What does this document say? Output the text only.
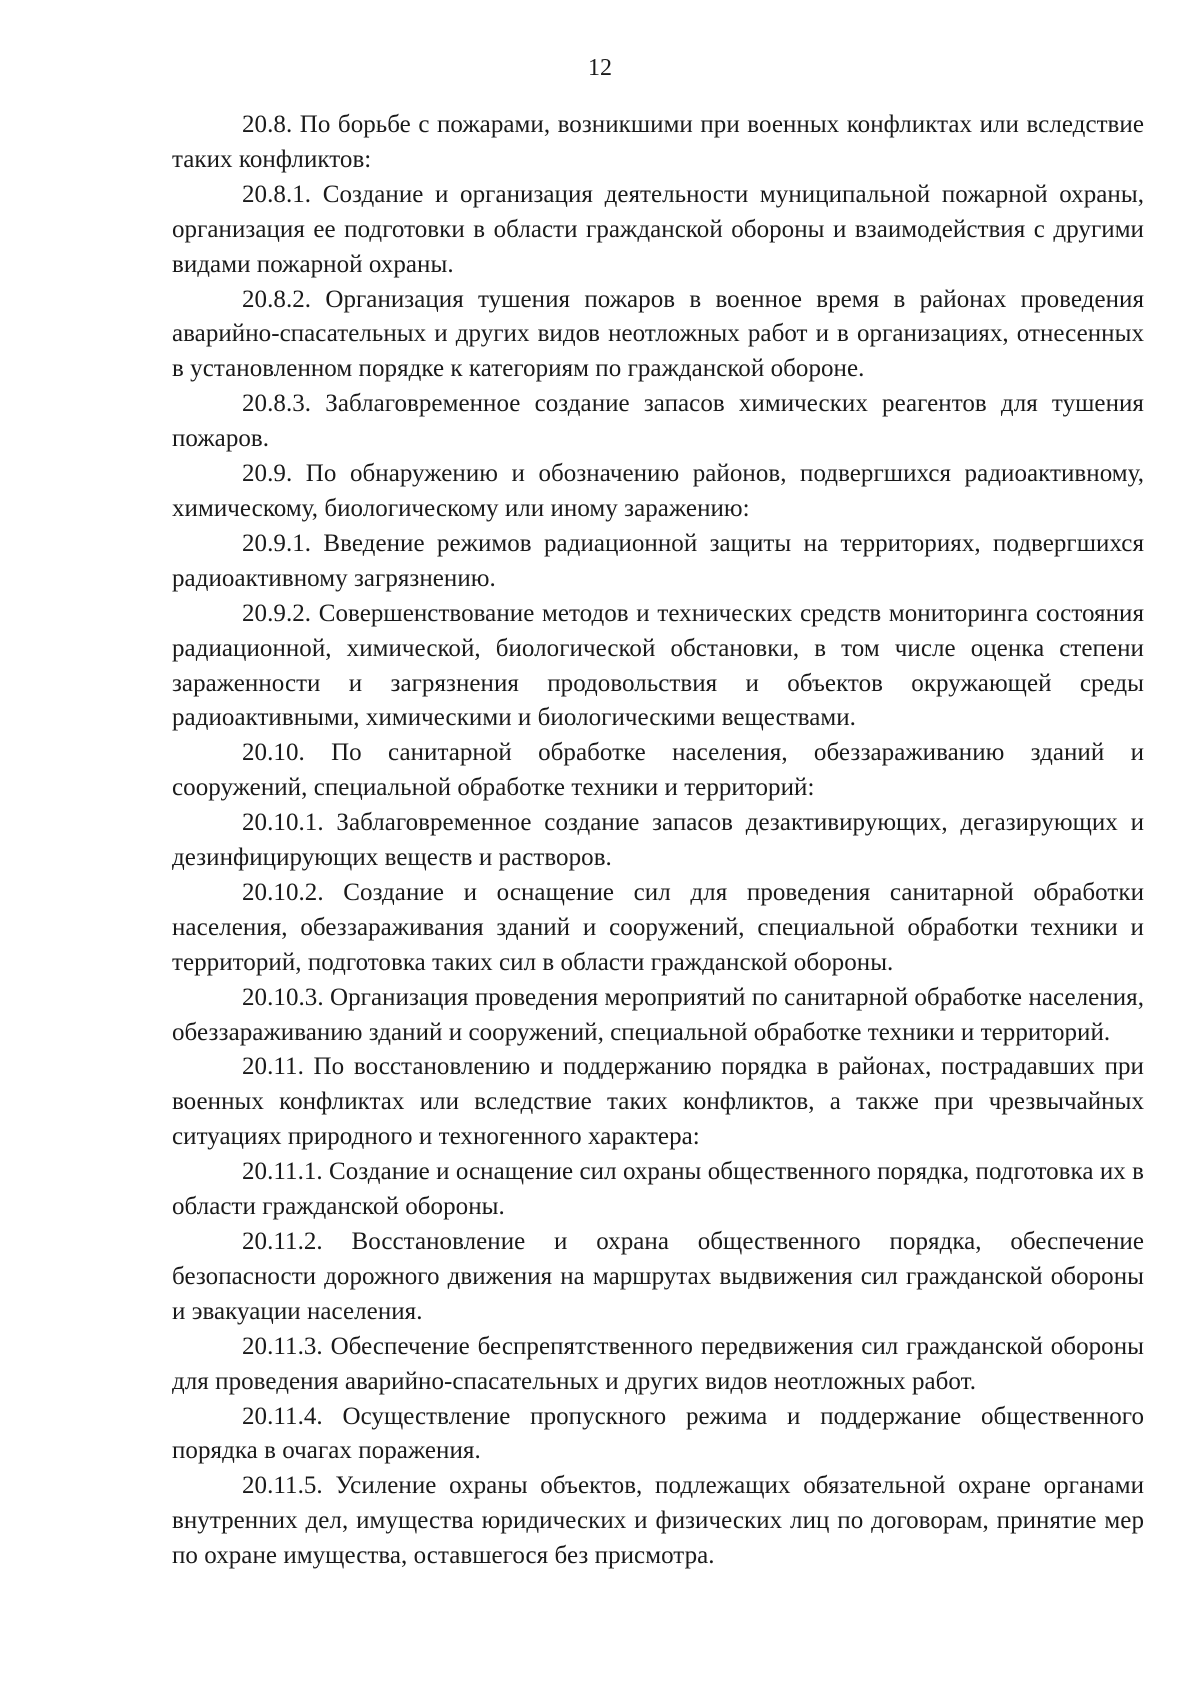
12

20.8. По борьбе с пожарами, возникшими при военных конфликтах или вследствие таких конфликтов:

20.8.1. Создание и организация деятельности муниципальной пожарной охраны, организация ее подготовки в области гражданской обороны и взаимодействия с другими видами пожарной охраны.

20.8.2. Организация тушения пожаров в военное время в районах проведения аварийно-спасательных и других видов неотложных работ и в организациях, отнесенных в установленном порядке к категориям по гражданской обороне.

20.8.3. Заблаговременное создание запасов химических реагентов для тушения пожаров.

20.9. По обнаружению и обозначению районов, подвергшихся радиоактивному, химическому, биологическому или иному заражению:

20.9.1. Введение режимов радиационной защиты на территориях, подвергшихся радиоактивному загрязнению.

20.9.2. Совершенствование методов и технических средств мониторинга состояния радиационной, химической, биологической обстановки, в том числе оценка степени зараженности и загрязнения продовольствия и объектов окружающей среды радиоактивными, химическими и биологическими веществами.

20.10. По санитарной обработке населения, обеззараживанию зданий и сооружений, специальной обработке техники и территорий:

20.10.1. Заблаговременное создание запасов дезактивирующих, дегазирующих и дезинфицирующих веществ и растворов.

20.10.2. Создание и оснащение сил для проведения санитарной обработки населения, обеззараживания зданий и сооружений, специальной обработки техники и территорий, подготовка таких сил в области гражданской обороны.

20.10.3. Организация проведения мероприятий по санитарной обработке населения, обеззараживанию зданий и сооружений, специальной обработке техники и территорий.

20.11. По восстановлению и поддержанию порядка в районах, пострадавших при военных конфликтах или вследствие таких конфликтов, а также при чрезвычайных ситуациях природного и техногенного характера:

20.11.1. Создание и оснащение сил охраны общественного порядка, подготовка их в области гражданской обороны.

20.11.2. Восстановление и охрана общественного порядка, обеспечение безопасности дорожного движения на маршрутах выдвижения сил гражданской обороны и эвакуации населения.

20.11.3. Обеспечение беспрепятственного передвижения сил гражданской обороны для проведения аварийно-спасательных и других видов неотложных работ.

20.11.4. Осуществление пропускного режима и поддержание общественного порядка в очагах поражения.

20.11.5. Усиление охраны объектов, подлежащих обязательной охране органами внутренних дел, имущества юридических и физических лиц по договорам, принятие мер по охране имущества, оставшегося без присмотра.
